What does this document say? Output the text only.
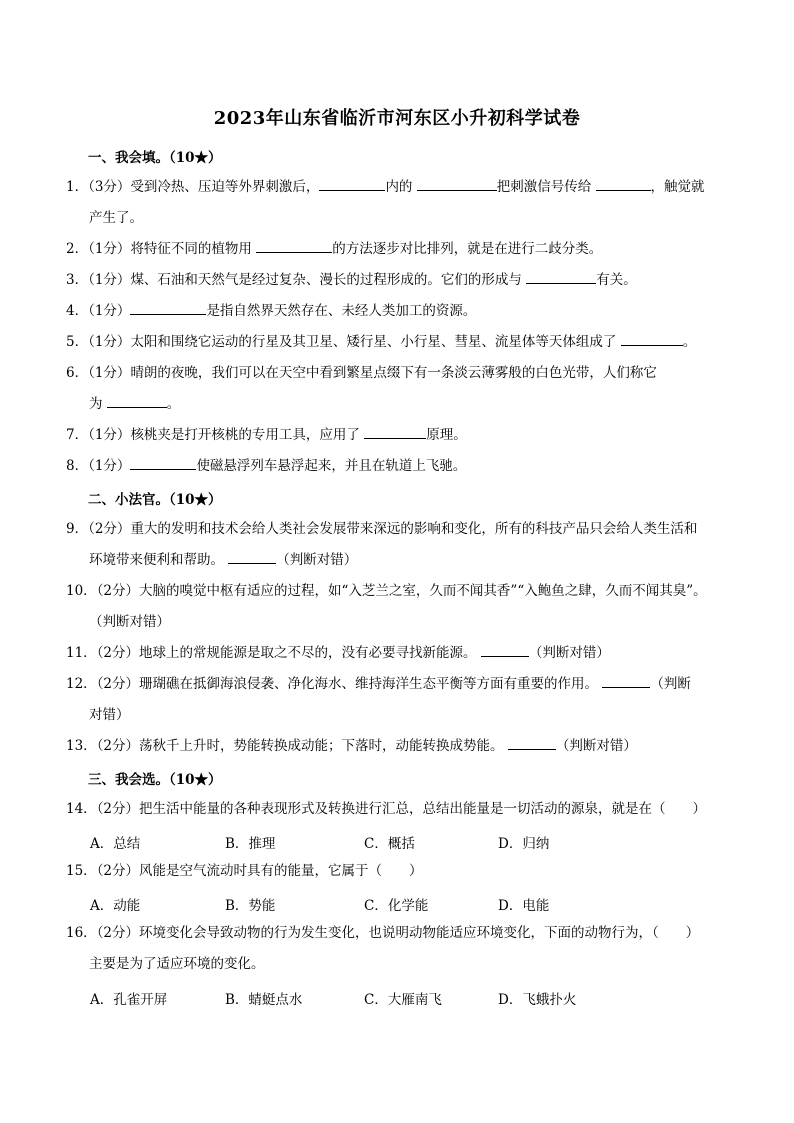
2023年山东省临沂市河东区小升初科学试卷
一、我会填。（10★）
1．（3分）受到冷热、压迫等外界刺激后，	内的	把刺激信号传给	，触觉就
产生了。
2．（1分）将特征不同的植物用	的方法逐步对比排列，就是在进行二歧分类。
3．（1分）煤、石油和天然气是经过复杂、漫长的过程形成的。它们的形成与	有关。
4．（1分）	是指自然界天然存在、未经人类加工的资源。
5．（1分）太阳和围绕它运动的行星及其卫星、矮行星、小行星、彗星、流星体等天体组成了	。
6．（1分）晴朗的夜晚，我们可以在天空中看到繁星点缀下有一条淡云薄雾般的白色光带，人们称它
为	。
7．（1分）核桃夹是打开核桃的专用工具，应用了	原理。
8．（1分）	使磁悬浮列车悬浮起来，并且在轨道上飞驰。
二、小法官。（10★）
9．（2分）重大的发明和技术会给人类社会发展带来深远的影响和变化，所有的科技产品只会给人类生活和
环境带来便利和帮助。	（判断对错）
10．（2分）大脑的嗅觉中枢有适应的过程，如“入芝兰之室，久而不闻其香”“入鲍鱼之肆，久而不闻其臭”。
（判断对错）
11．（2分）地球上的常规能源是取之不尽的，没有必要寻找新能源。	（判断对错）
12．（2分）珊瑚礁在抵御海浪侵袭、净化海水、维持海洋生态平衡等方面有重要的作用。	（判断
对错）
13．（2分）荡秋千上升时，势能转换成动能；下落时，动能转换成势能。	（判断对错）
三、我会选。（10★）
14．（2分）把生活中能量的各种表现形式及转换进行汇总，总结出能量是一切活动的源泉，就是在（　　）
A．总结	B．推理	C．概括	D．归纳
15．（2分）风能是空气流动时具有的能量，它属于（　　）
A．动能	B．势能	C．化学能	D．电能
16．（2分）环境变化会导致动物的行为发生变化，也说明动物能适应环境变化，下面的动物行为，（　　）
主要是为了适应环境的变化。
A．孔雀开屏	B．蜻蜓点水	C．大雁南飞	D．飞蛾扑火
